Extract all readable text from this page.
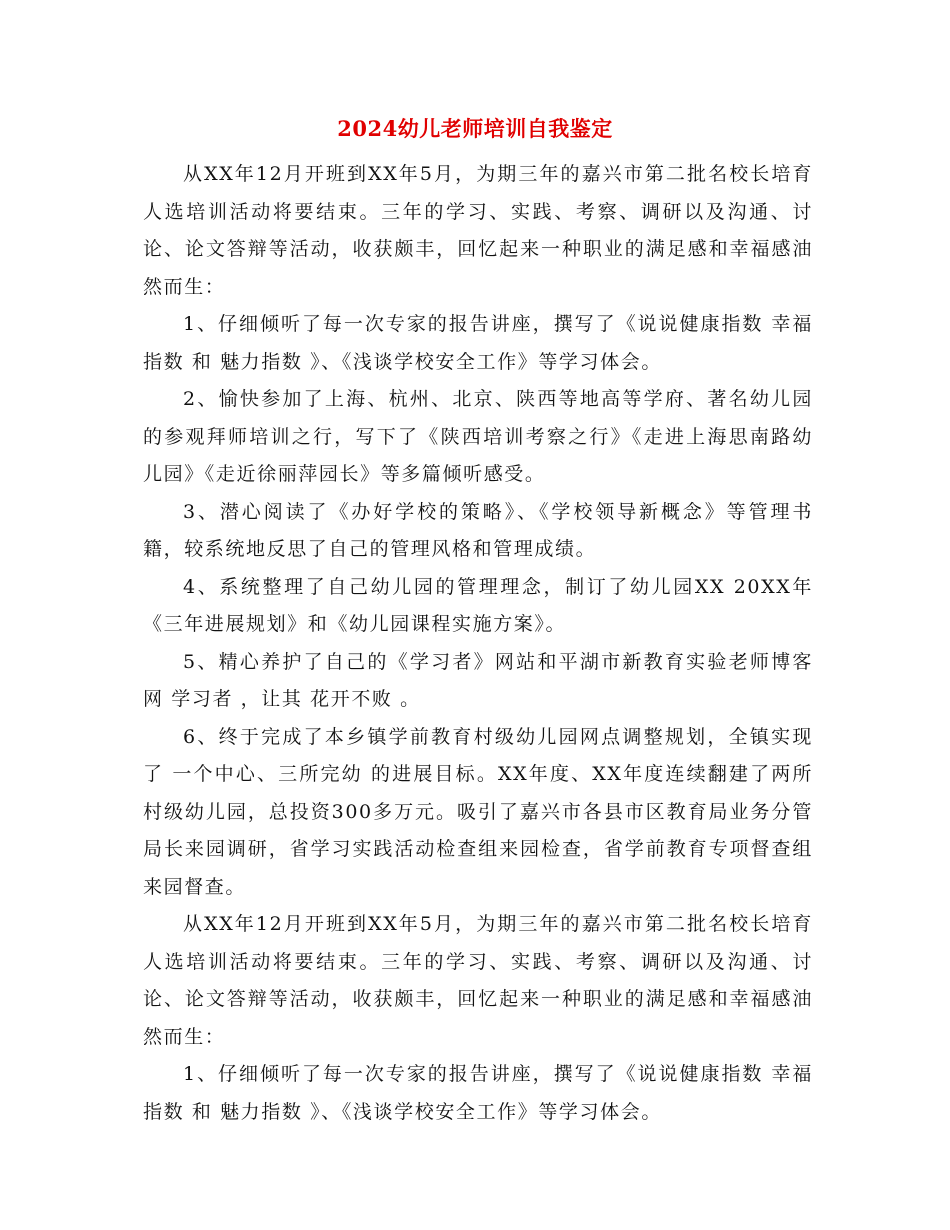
2024幼儿老师培训自我鉴定

从XX年12月开班到XX年5月，为期三年的嘉兴市第二批名校长培育人选培训活动将要结束。三年的学习、实践、考察、调研以及沟通、讨论、论文答辩等活动，收获颇丰，回忆起来一种职业的满足感和幸福感油然而生：

1、仔细倾听了每一次专家的报告讲座，撰写了《说说健康指数 幸福指数 和 魅力指数 》、《浅谈学校安全工作》等学习体会。

2、愉快参加了上海、杭州、北京、陕西等地高等学府、著名幼儿园的参观拜师培训之行，写下了《陕西培训考察之行》《走进上海思南路幼儿园》《走近徐丽萍园长》等多篇倾听感受。

3、潜心阅读了《办好学校的策略》、《学校领导新概念》等管理书籍，较系统地反思了自己的管理风格和管理成绩。

4、系统整理了自己幼儿园的管理理念，制订了幼儿园XX 20XX年《三年进展规划》和《幼儿园课程实施方案》。

5、精心养护了自己的《学习者》网站和平湖市新教育实验老师博客网 学习者 ，让其 花开不败 。

6、终于完成了本乡镇学前教育村级幼儿园网点调整规划，全镇实现了 一个中心、三所完幼 的进展目标。XX年度、XX年度连续翻建了两所村级幼儿园，总投资300多万元。吸引了嘉兴市各县市区教育局业务分管局长来园调研，省学习实践活动检查组来园检查，省学前教育专项督查组来园督查。

从XX年12月开班到XX年5月，为期三年的嘉兴市第二批名校长培育人选培训活动将要结束。三年的学习、实践、考察、调研以及沟通、讨论、论文答辩等活动，收获颇丰，回忆起来一种职业的满足感和幸福感油然而生：

1、仔细倾听了每一次专家的报告讲座，撰写了《说说健康指数 幸福指数 和 魅力指数 》、《浅谈学校安全工作》等学习体会。
